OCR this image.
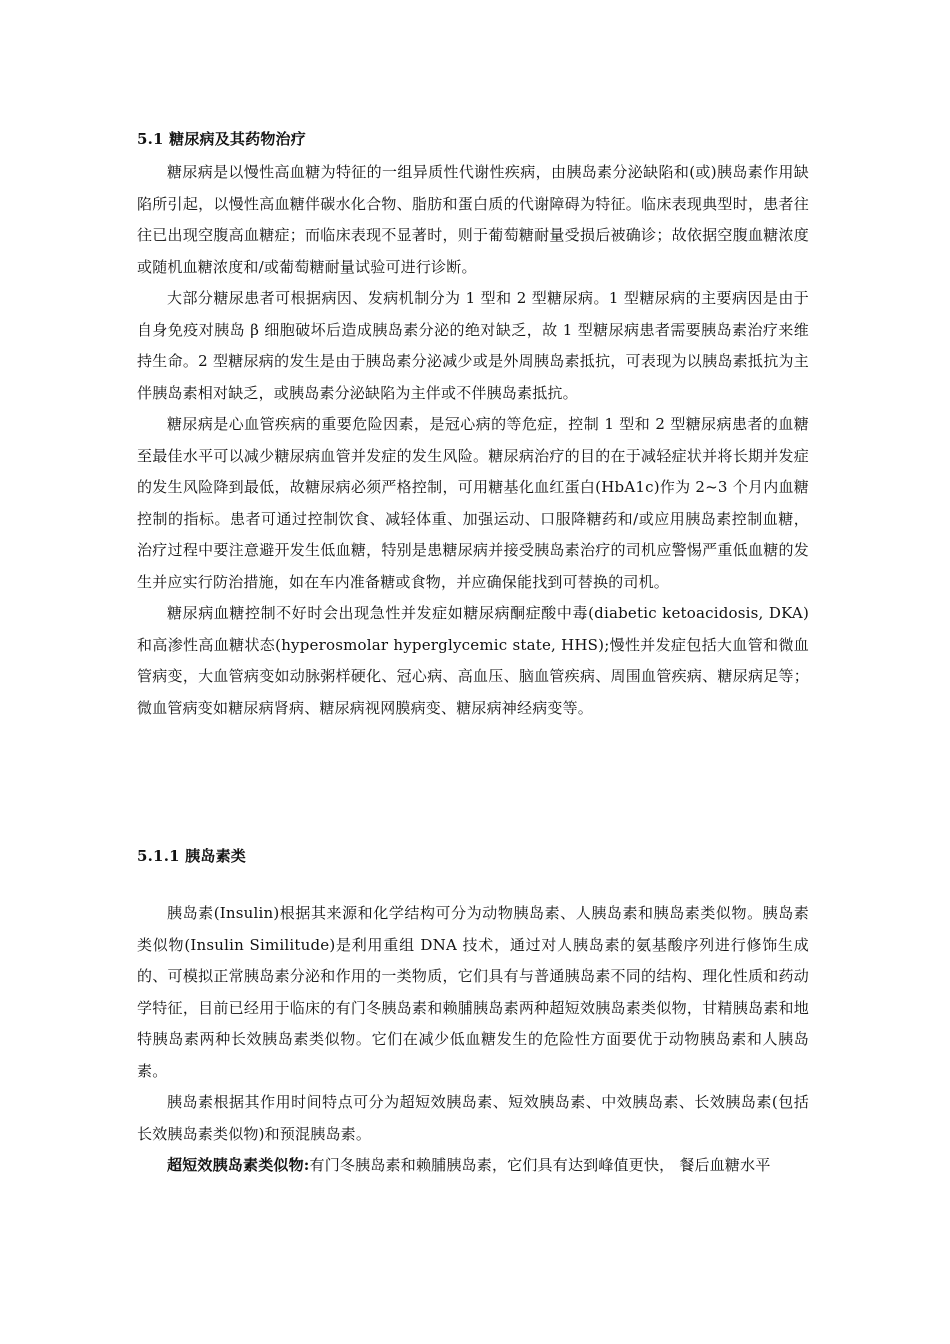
5.1 糖尿病及其药物治疗

糖尿病是以慢性高血糖为特征的一组异质性代谢性疾病，由胰岛素分泌缺陷和(或)胰岛素作用缺陷所引起，以慢性高血糖伴碳水化合物、脂肪和蛋白质的代谢障碍为特征。临床表现典型时，患者往往已出现空腹高血糖症；而临床表现不显著时，则于葡萄糖耐量受损后被确诊；故依据空腹血糖浓度或随机血糖浓度和/或葡萄糖耐量试验可进行诊断。

大部分糖尿患者可根据病因、发病机制分为 1 型和 2 型糖尿病。1 型糖尿病的主要病因是由于自身免疫对胰岛 β 细胞破坏后造成胰岛素分泌的绝对缺乏，故 1 型糖尿病患者需要胰岛素治疗来维持生命。2 型糖尿病的发生是由于胰岛素分泌减少或是外周胰岛素抵抗，可表现为以胰岛素抵抗为主伴胰岛素相对缺乏，或胰岛素分泌缺陷为主伴或不伴胰岛素抵抗。

糖尿病是心血管疾病的重要危险因素，是冠心病的等危症，控制 1 型和 2 型糖尿病患者的血糖至最佳水平可以减少糖尿病血管并发症的发生风险。糖尿病治疗的目的在于减轻症状并将长期并发症的发生风险降到最低，故糖尿病必须严格控制，可用糖基化血红蛋白(HbA1c)作为 2~3 个月内血糖控制的指标。患者可通过控制饮食、减轻体重、加强运动、口服降糖药和/或应用胰岛素控制血糖，治疗过程中要注意避开发生低血糖，特别是患糖尿病并接受胰岛素治疗的司机应警惕严重低血糖的发生并应实行防治措施，如在车内准备糖或食物，并应确保能找到可替换的司机。

糖尿病血糖控制不好时会出现急性并发症如糖尿病酮症酸中毒(diabetic ketoacidosis, DKA)和高渗性高血糖状态(hyperosmolar hyperglycemic state, HHS);慢性并发症包括大血管和微血管病变，大血管病变如动脉粥样硬化、冠心病、高血压、脑血管疾病、周围血管疾病、糖尿病足等；微血管病变如糖尿病肾病、糖尿病视网膜病变、糖尿病神经病变等。

5.1.1 胰岛素类

胰岛素(Insulin)根据其来源和化学结构可分为动物胰岛素、人胰岛素和胰岛素类似物。胰岛素类似物(Insulin Similitude)是利用重组 DNA 技术，通过对人胰岛素的氨基酸序列进行修饰生成的、可模拟正常胰岛素分泌和作用的一类物质，它们具有与普通胰岛素不同的结构、理化性质和药动学特征，目前已经用于临床的有门冬胰岛素和赖脯胰岛素两种超短效胰岛素类似物，甘精胰岛素和地特胰岛素两种长效胰岛素类似物。它们在减少低血糖发生的危险性方面要优于动物胰岛素和人胰岛素。

胰岛素根据其作用时间特点可分为超短效胰岛素、短效胰岛素、中效胰岛素、长效胰岛素(包括长效胰岛素类似物)和预混胰岛素。

超短效胰岛素类似物:有门冬胰岛素和赖脯胰岛素，它们具有达到峰值更快， 餐后血糖水平
